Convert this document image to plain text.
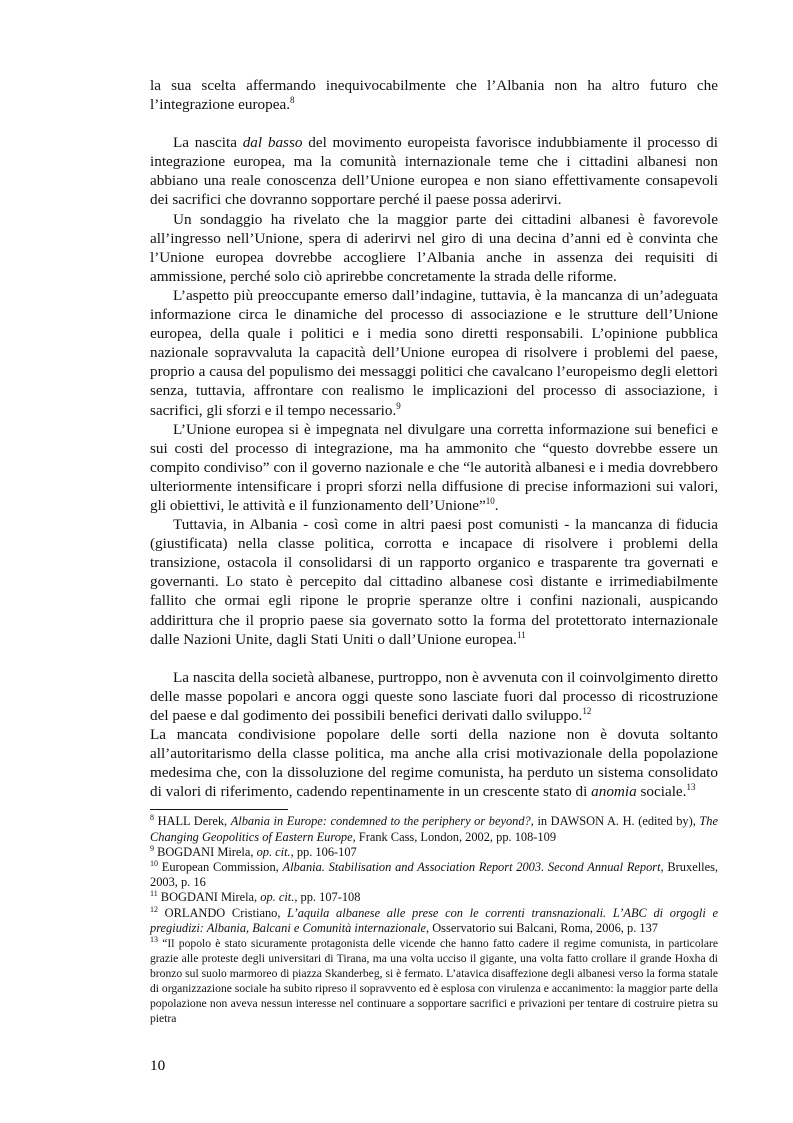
la sua scelta affermando inequivocabilmente che l’Albania non ha altro futuro che l’integrazione europea.$^8$

La nascita dal basso del movimento europeista favorisce indubbiamente il processo di integrazione europea, ma la comunità internazionale teme che i cittadini albanesi non abbiano una reale conoscenza dell’Unione europea e non siano effettivamente consapevoli dei sacrifici che dovranno sopportare perché il paese possa aderirvi.

Un sondaggio ha rivelato che la maggior parte dei cittadini albanesi è favorevole all’ingresso nell’Unione, spera di aderirvi nel giro di una decina d’anni ed è convinta che l’Unione europea dovrebbe accogliere l’Albania anche in assenza dei requisiti di ammissione, perché solo ciò aprirebbe concretamente la strada delle riforme.

L’aspetto più preoccupante emerso dall’indagine, tuttavia, è la mancanza di un’adeguata informazione circa le dinamiche del processo di associazione e le strutture dell’Unione europea, della quale i politici e i media sono diretti responsabili. L’opinione pubblica nazionale sopravvaluta la capacità dell’Unione europea di risolvere i problemi del paese, proprio a causa del populismo dei messaggi politici che cavalcano l’europeismo degli elettori senza, tuttavia, affrontare con realismo le implicazioni del processo di associazione, i sacrifici, gli sforzi e il tempo necessario.$^9$

L’Unione europea si è impegnata nel divulgare una corretta informazione sui benefici e sui costi del processo di integrazione, ma ha ammonito che “questo dovrebbe essere un compito condiviso” con il governo nazionale e che “le autorità albanesi e i media dovrebbero ulteriormente intensificare i propri sforzi nella diffusione di precise informazioni sui valori, gli obiettivi, le attività e il funzionamento dell’Unione”$^{10}$.

Tuttavia, in Albania - così come in altri paesi post comunisti - la mancanza di fiducia (giustificata) nella classe politica, corrotta e incapace di risolvere i problemi della transizione, ostacola il consolidarsi di un rapporto organico e trasparente tra governati e governanti. Lo stato è percepito dal cittadino albanese così distante e irrimediabilmente fallito che ormai egli ripone le proprie speranze oltre i confini nazionali, auspicando addirittura che il proprio paese sia governato sotto la forma del protettorato internazionale dalle Nazioni Unite, dagli Stati Uniti o dall’Unione europea.$^{11}$

La nascita della società albanese, purtroppo, non è avvenuta con il coinvolgimento diretto delle masse popolari e ancora oggi queste sono lasciate fuori dal processo di ricostruzione del paese e dal godimento dei possibili benefici derivati dallo sviluppo.$^{12}$

La mancata condivisione popolare delle sorti della nazione non è dovuta soltanto all’autoritarismo della classe politica, ma anche alla crisi motivazionale della popolazione medesima che, con la dissoluzione del regime comunista, ha perduto un sistema consolidato di valori di riferimento, cadendo repentinamente in un crescente stato di anomia sociale.$^{13}$

$^8$ HALL Derek, Albania in Europe: condemned to the periphery or beyond?, in DAWSON A. H. (edited by), The Changing Geopolitics of Eastern Europe, Frank Cass, London, 2002, pp. 108-109

$^9$ BOGDANI Mirela, op. cit., pp. 106-107

$^{10}$ European Commission, Albania. Stabilisation and Association Report 2003. Second Annual Report, Bruxelles, 2003, p. 16

$^{11}$ BOGDANI Mirela, op. cit., pp. 107-108

$^{12}$ ORLANDO Cristiano, L’aquila albanese alle prese con le correnti transnazionali. L’ABC di orgogli e pregiudizi: Albania, Balcani e Comunità internazionale, Osservatorio sui Balcani, Roma, 2006, p. 137

$^{13}$ “Il popolo è stato sicuramente protagonista delle vicende che hanno fatto cadere il regime comunista, in particolare grazie alle proteste degli universitari di Tirana, ma una volta ucciso il gigante, una volta fatto crollare il grande Hoxha di bronzo sul suolo marmoreo di piazza Skanderbeg, si è fermato. L’atavica disaffezione degli albanesi verso la forma statale di organizzazione sociale ha subito ripreso il sopravvento ed è esplosa con virulenza e accanimento: la maggior parte della popolazione non aveva nessun interesse nel continuare a sopportare sacrifici e privazioni per tentare di costruire pietra su pietra

10
